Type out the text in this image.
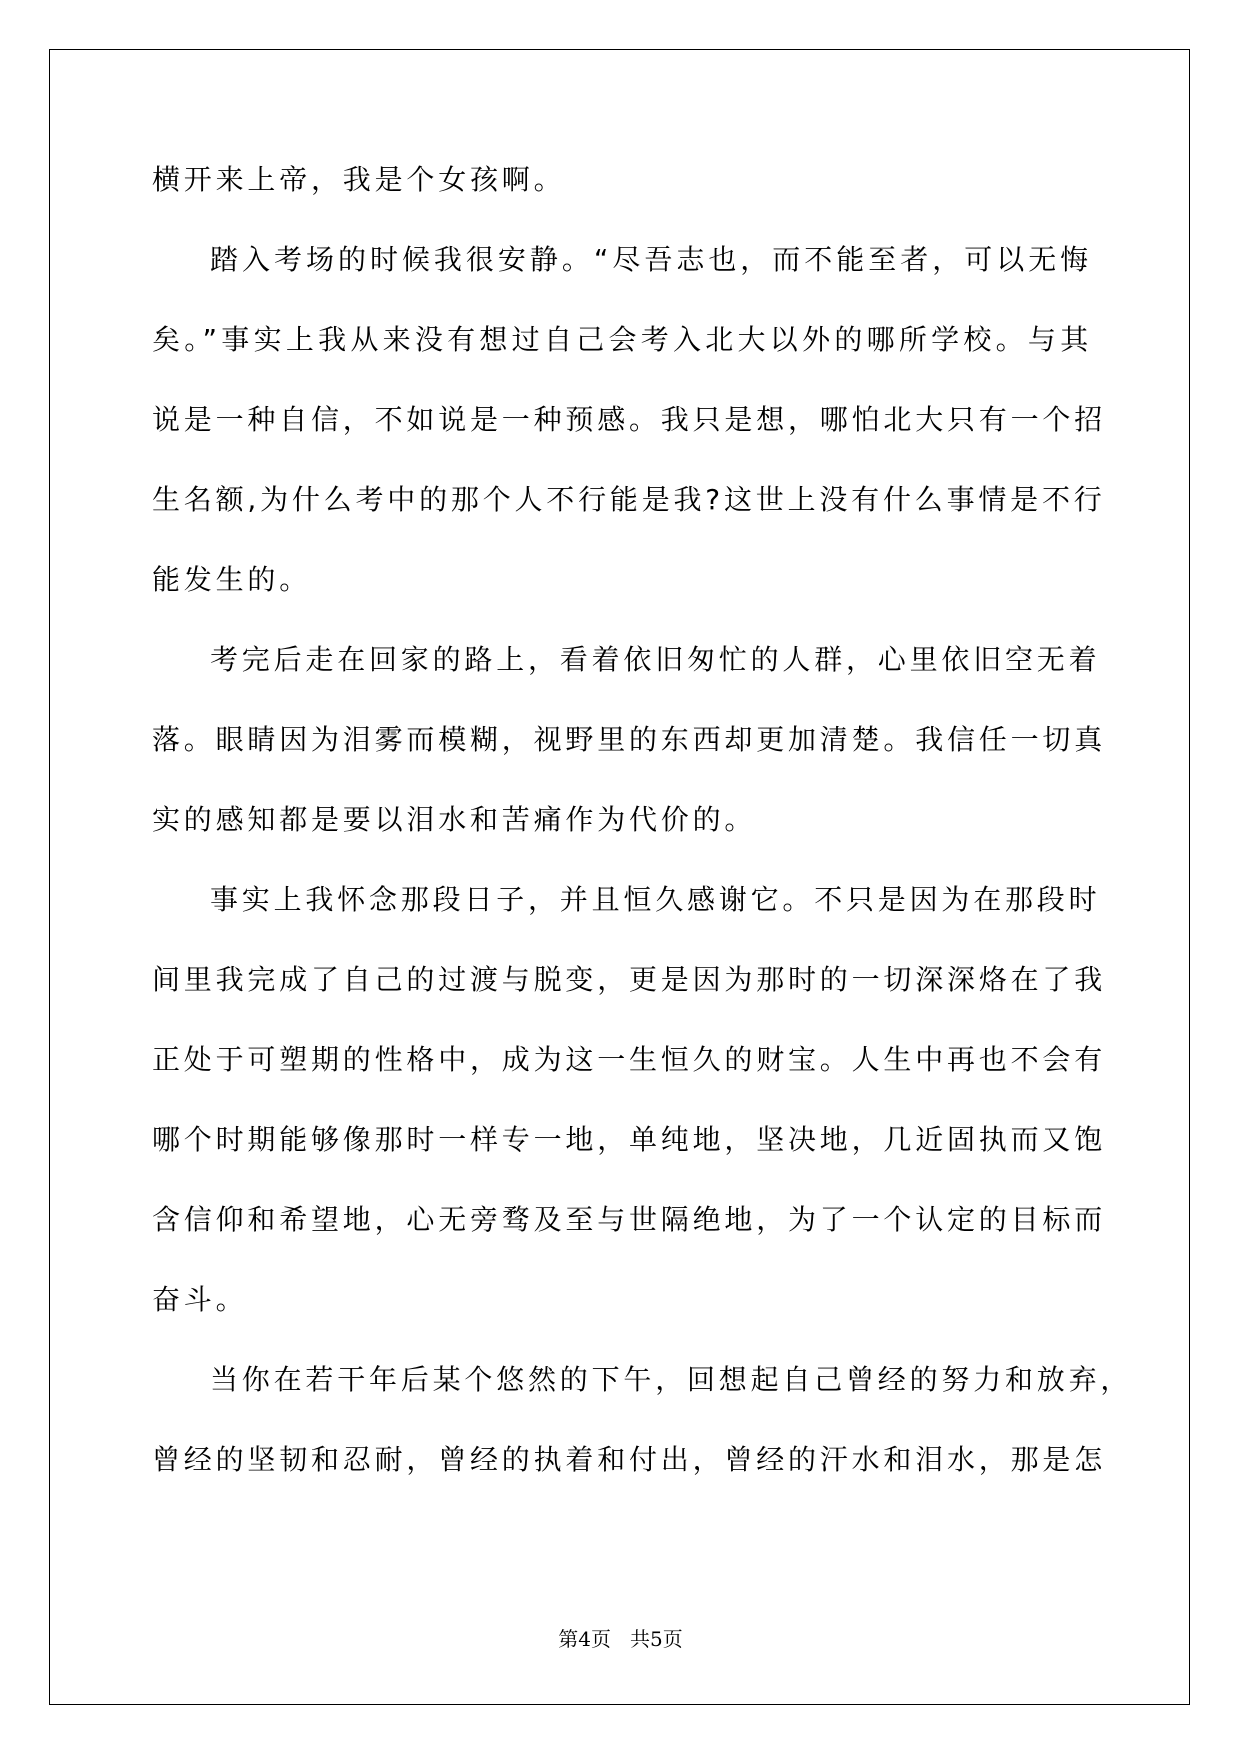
横开来上帝，我是个女孩啊。
踏入考场的时候我很安静。“尽吾志也，而不能至者，可以无悔
矣。”事实上我从来没有想过自己会考入北大以外的哪所学校。与其
说是一种自信，不如说是一种预感。我只是想，哪怕北大只有一个招
生名额,为什么考中的那个人不行能是我?这世上没有什么事情是不行
能发生的。
考完后走在回家的路上，看着依旧匆忙的人群，心里依旧空无着
落。眼睛因为泪雾而模糊，视野里的东西却更加清楚。我信任一切真
实的感知都是要以泪水和苦痛作为代价的。
事实上我怀念那段日子，并且恒久感谢它。不只是因为在那段时
间里我完成了自己的过渡与脱变，更是因为那时的一切深深烙在了我
正处于可塑期的性格中，成为这一生恒久的财宝。人生中再也不会有
哪个时期能够像那时一样专一地，单纯地，坚决地，几近固执而又饱
含信仰和希望地，心无旁骛及至与世隔绝地，为了一个认定的目标而
奋斗。
当你在若干年后某个悠然的下午，回想起自己曾经的努力和放弃，
曾经的坚韧和忍耐，曾经的执着和付出，曾经的汗水和泪水，那是怎
第4页   共5页
